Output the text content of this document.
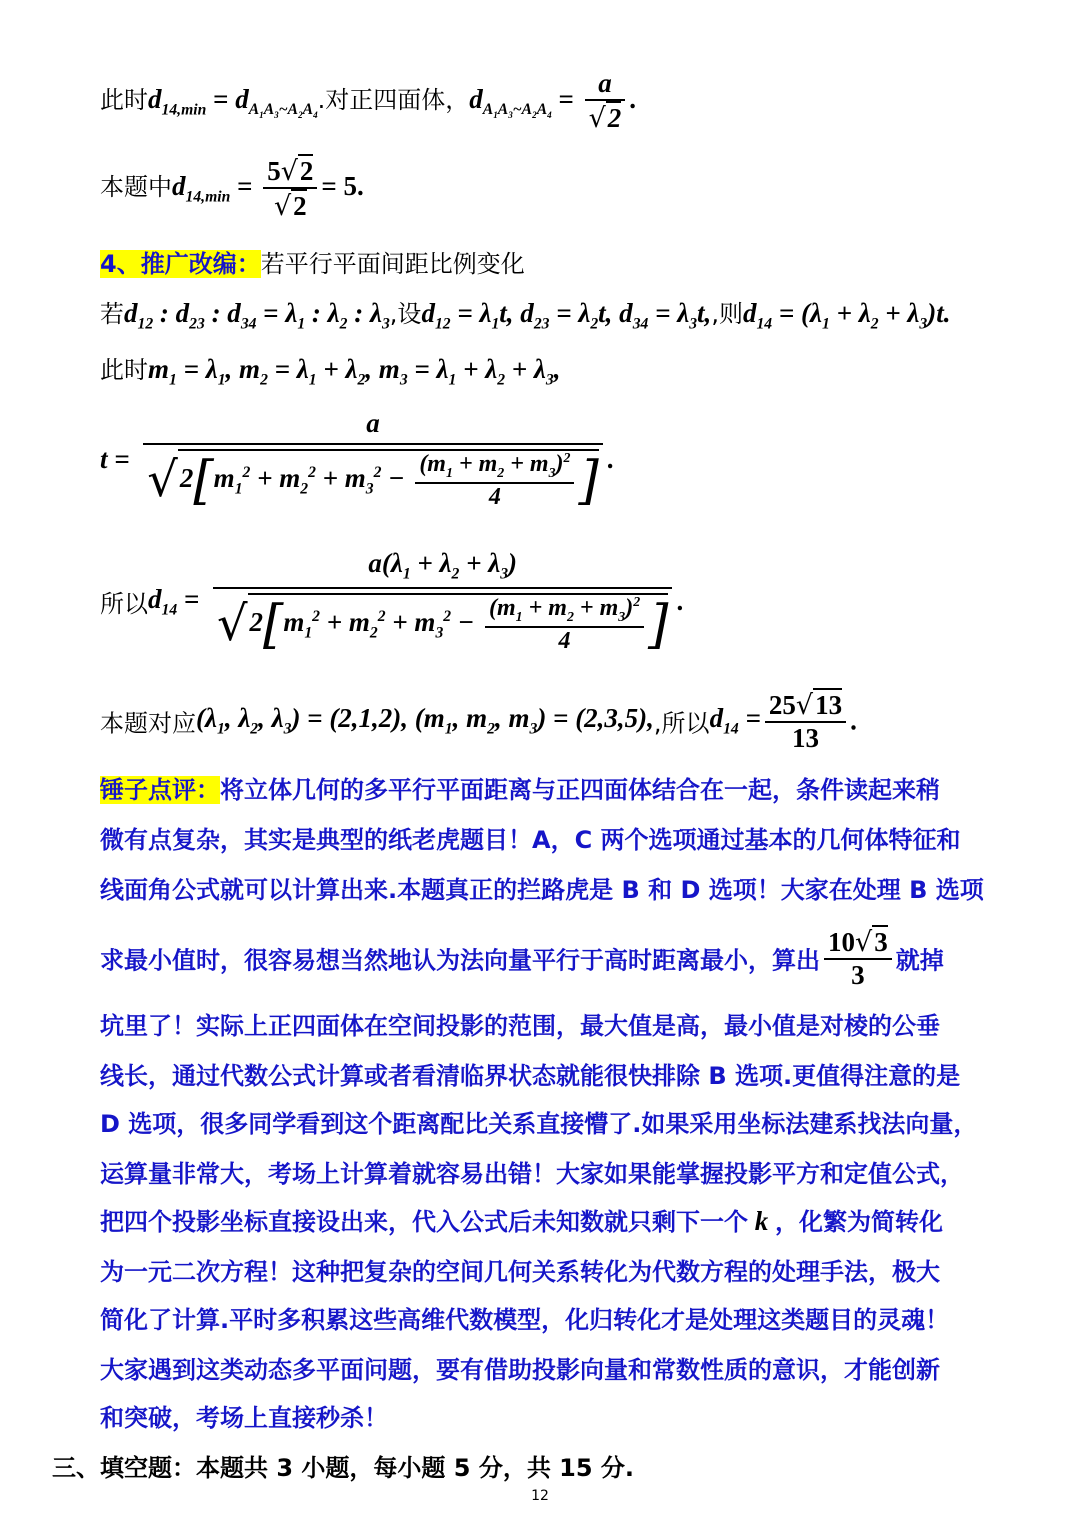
此时$d_{14,min} = d_{A_1A_3\sim A_2A_4}$.对正四面体，$d_{A_1A_3\sim A_2A_4} = \frac{a}{√2}$ .
本题中$d_{14,min} = \frac{5√2}{√2} = 5$.
4、推广改编：若平行平面间距比例变化
若$d_{12}$ : $d_{23}$ : $d_{34} = \lambda_1$ : $\lambda_2$ : $\lambda_3$,设$d_{12} = \lambda_1t$, $d_{23} = \lambda_2t$, $d_{34} = \lambda_3t$,,则$d_{14} = (\lambda_1 + \lambda_2 + \lambda_3)t$.
此时$m_1 = \lambda_1$, $m_2 = \lambda_1 + \lambda_2$, $m_3 = \lambda_1 + \lambda_2 + \lambda_3$,
$t = \frac{a}{√2[m_1^2 + m_2^2 + m_3^2 - \frac{(m_1 + m_2 + m_3)^2}{4} ]}$ .
所以$d_{14} = \frac{a(\lambda_1 + \lambda_2 + \lambda_3)}{√2[m_1^2 + m_2^2 + m_3^2 - \frac{(m_1 + m_2 + m_3)^2}{4} ]}$ .
本题对应($\lambda_1$, $\lambda_2$, $\lambda_3) = (2,1,2)$, ($m_1$, $m_2$, $m_3) = (2,3,5)$,,所以$d_{14} = \frac{25√13}{13}$ .
锤子点评：将立体几何的多平行平面距离与正四面体结合在一起，条件读起来稍
微有点复杂，其实是典型的纸老虎题目！A，C 两个选项通过基本的几何体特征和
线面角公式就可以计算出来.本题真正的拦路虎是 B 和 D 选项！大家在处理 B 选项
求最小值时，很容易想当然地认为法向量平行于高时距离最小，算出 $\frac{10√3}{3}$ 就掉
坑里了！实际上正四面体在空间投影的范围，最大值是高，最小值是对棱的公垂
线长，通过代数公式计算或者看清临界状态就能很快排除 B 选项.更值得注意的是
D 选项，很多同学看到这个距离配比关系直接懵了.如果采用坐标法建系找法向量，
运算量非常大，考场上计算着就容易出错！大家如果能掌握投影平方和定值公式，
把四个投影坐标直接设出来，代入公式后未知数就只剩下一个 k ，化繁为简转化
为一元二次方程！这种把复杂的空间几何关系转化为代数方程的处理手法，极大
简化了计算.平时多积累这些高维代数模型，化归转化才是处理这类题目的灵魂！
大家遇到这类动态多平面问题，要有借助投影向量和常数性质的意识，才能创新
和突破，考场上直接秒杀！
三、填空题：本题共 3 小题，每小题 5 分，共 15 分.
12
